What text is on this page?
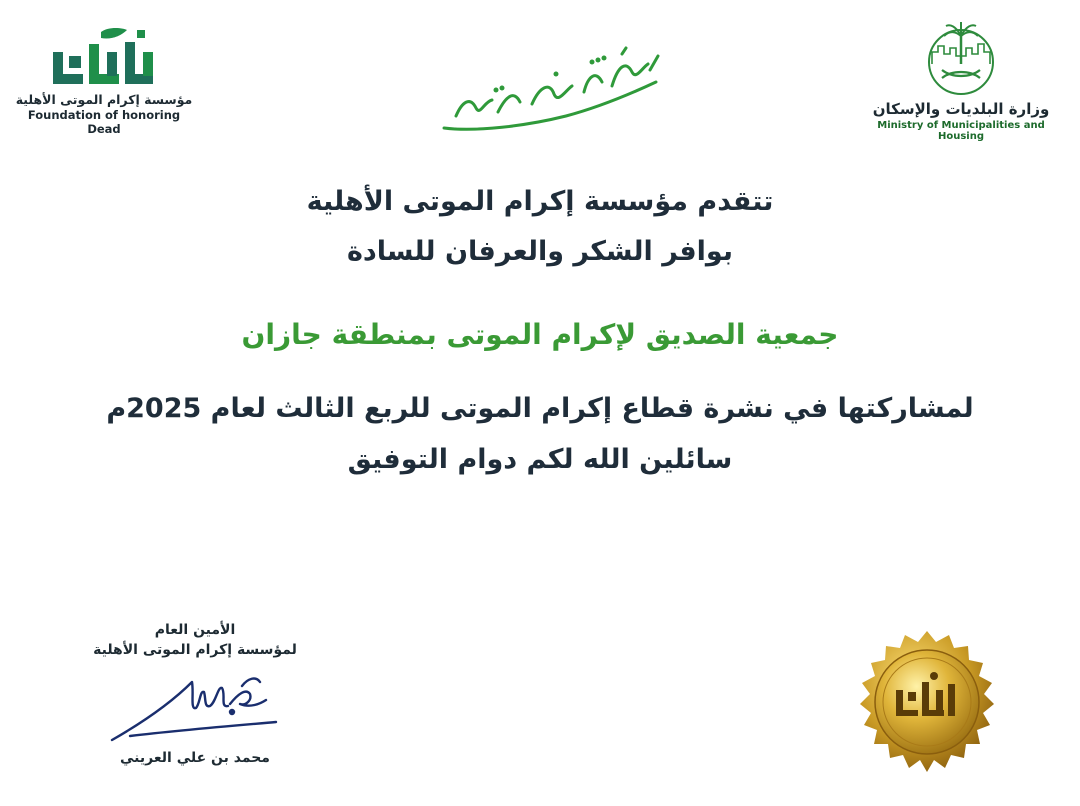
مؤسسة إكرام الموتى الأهلية
Foundation of honoring Dead
وزارة البلديات والإسكان
Ministry of Municipalities and Housing
تتقدم مؤسسة إكرام الموتى الأهلية
بوافر الشكر والعرفان للسادة
جمعية الصديق لإكرام الموتى بمنطقة جازان
لمشاركتها في نشرة قطاع إكرام الموتى للربع الثالث لعام 2025م
سائلين الله لكم دوام التوفيق
الأمين العام
لمؤسسة إكرام الموتى الأهلية
محمد بن علي العريني
